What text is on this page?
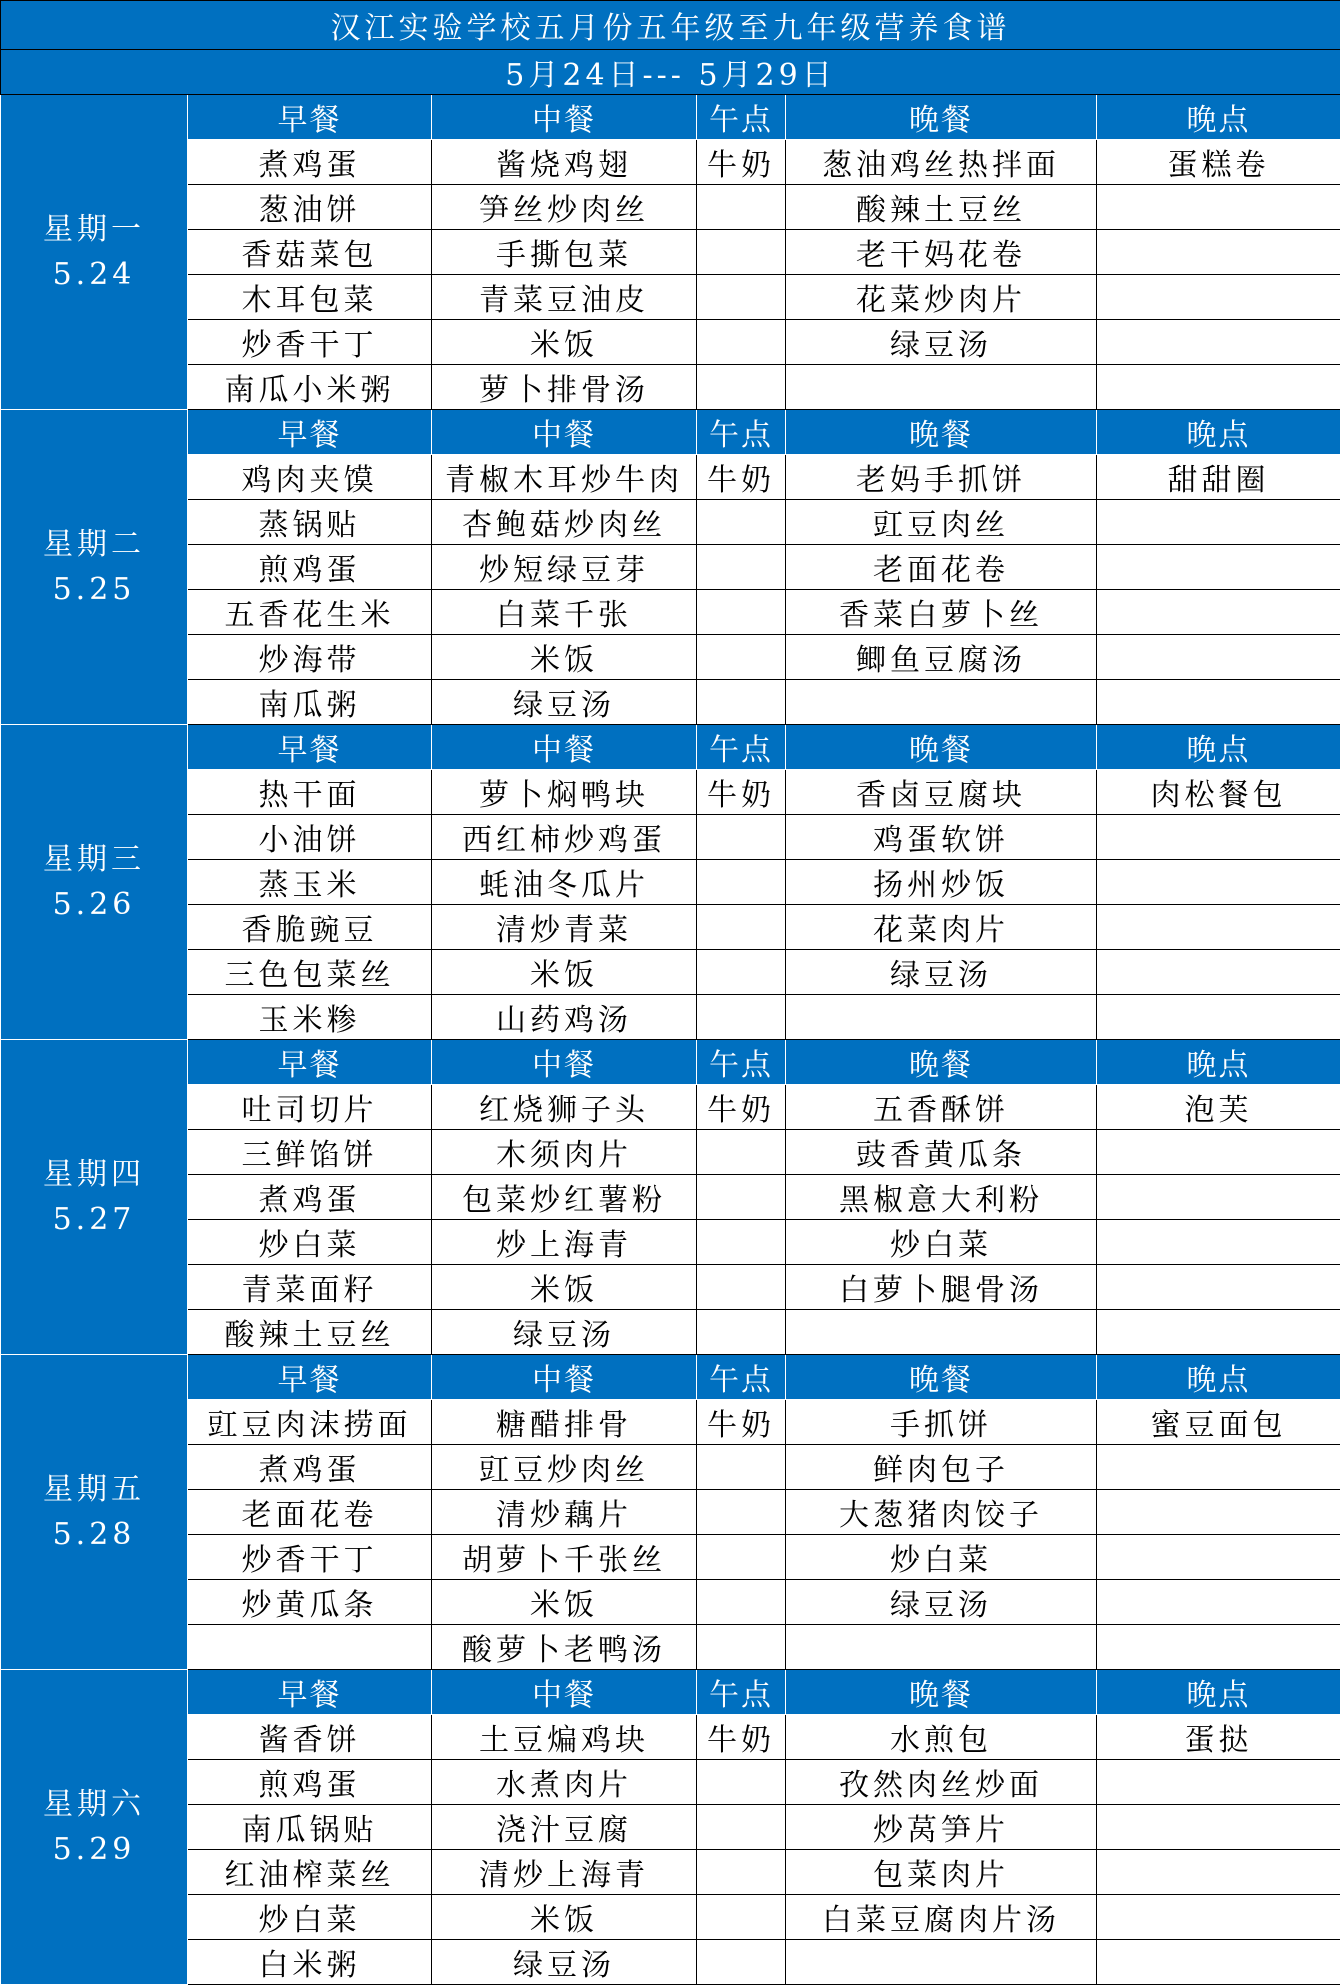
汉江实验学校五月份五年级至九年级营养食谱					
5月24日--- 5月29日					

星期一
5.24	早餐	中餐	午点	晚餐	晚点
	煮鸡蛋	酱烧鸡翅	牛奶	葱油鸡丝热拌面	蛋糕卷
	葱油饼	笋丝炒肉丝		酸辣土豆丝	
	香菇菜包	手撕包菜		老干妈花卷	
	木耳包菜	青菜豆油皮		花菜炒肉片	
	炒香干丁	米饭		绿豆汤	
	南瓜小米粥	萝卜排骨汤			

星期二
5.25	早餐	中餐	午点	晚餐	晚点
	鸡肉夹馍	青椒木耳炒牛肉	牛奶	老妈手抓饼	甜甜圈
	蒸锅贴	杏鲍菇炒肉丝		豇豆肉丝	
	煎鸡蛋	炒短绿豆芽		老面花卷	
	五香花生米	白菜千张		香菜白萝卜丝	
	炒海带	米饭		鲫鱼豆腐汤	
	南瓜粥	绿豆汤			

星期三
5.26	早餐	中餐	午点	晚餐	晚点
	热干面	萝卜焖鸭块	牛奶	香卤豆腐块	肉松餐包
	小油饼	西红柿炒鸡蛋		鸡蛋软饼	
	蒸玉米	蚝油冬瓜片		扬州炒饭	
	香脆豌豆	清炒青菜		花菜肉片	
	三色包菜丝	米饭		绿豆汤	
	玉米糁	山药鸡汤			

星期四
5.27	早餐	中餐	午点	晚餐	晚点
	吐司切片	红烧狮子头	牛奶	五香酥饼	泡芙
	三鲜馅饼	木须肉片		豉香黄瓜条	
	煮鸡蛋	包菜炒红薯粉		黑椒意大利粉	
	炒白菜	炒上海青		炒白菜	
	青菜面籽	米饭		白萝卜腿骨汤	
	酸辣土豆丝	绿豆汤			

星期五
5.28	早餐	中餐	午点	晚餐	晚点
	豇豆肉沫捞面	糖醋排骨	牛奶	手抓饼	蜜豆面包
	煮鸡蛋	豇豆炒肉丝		鲜肉包子	
	老面花卷	清炒藕片		大葱猪肉饺子	
	炒香干丁	胡萝卜千张丝		炒白菜	
	炒黄瓜条	米饭		绿豆汤	
		酸萝卜老鸭汤			

星期六
5.29	早餐	中餐	午点	晚餐	晚点
	酱香饼	土豆煸鸡块	牛奶	水煎包	蛋挞
	煎鸡蛋	水煮肉片		孜然肉丝炒面	
	南瓜锅贴	浇汁豆腐		炒莴笋片	
	红油榨菜丝	清炒上海青		包菜肉片	
	炒白菜	米饭		白菜豆腐肉片汤	
	白米粥	绿豆汤			
